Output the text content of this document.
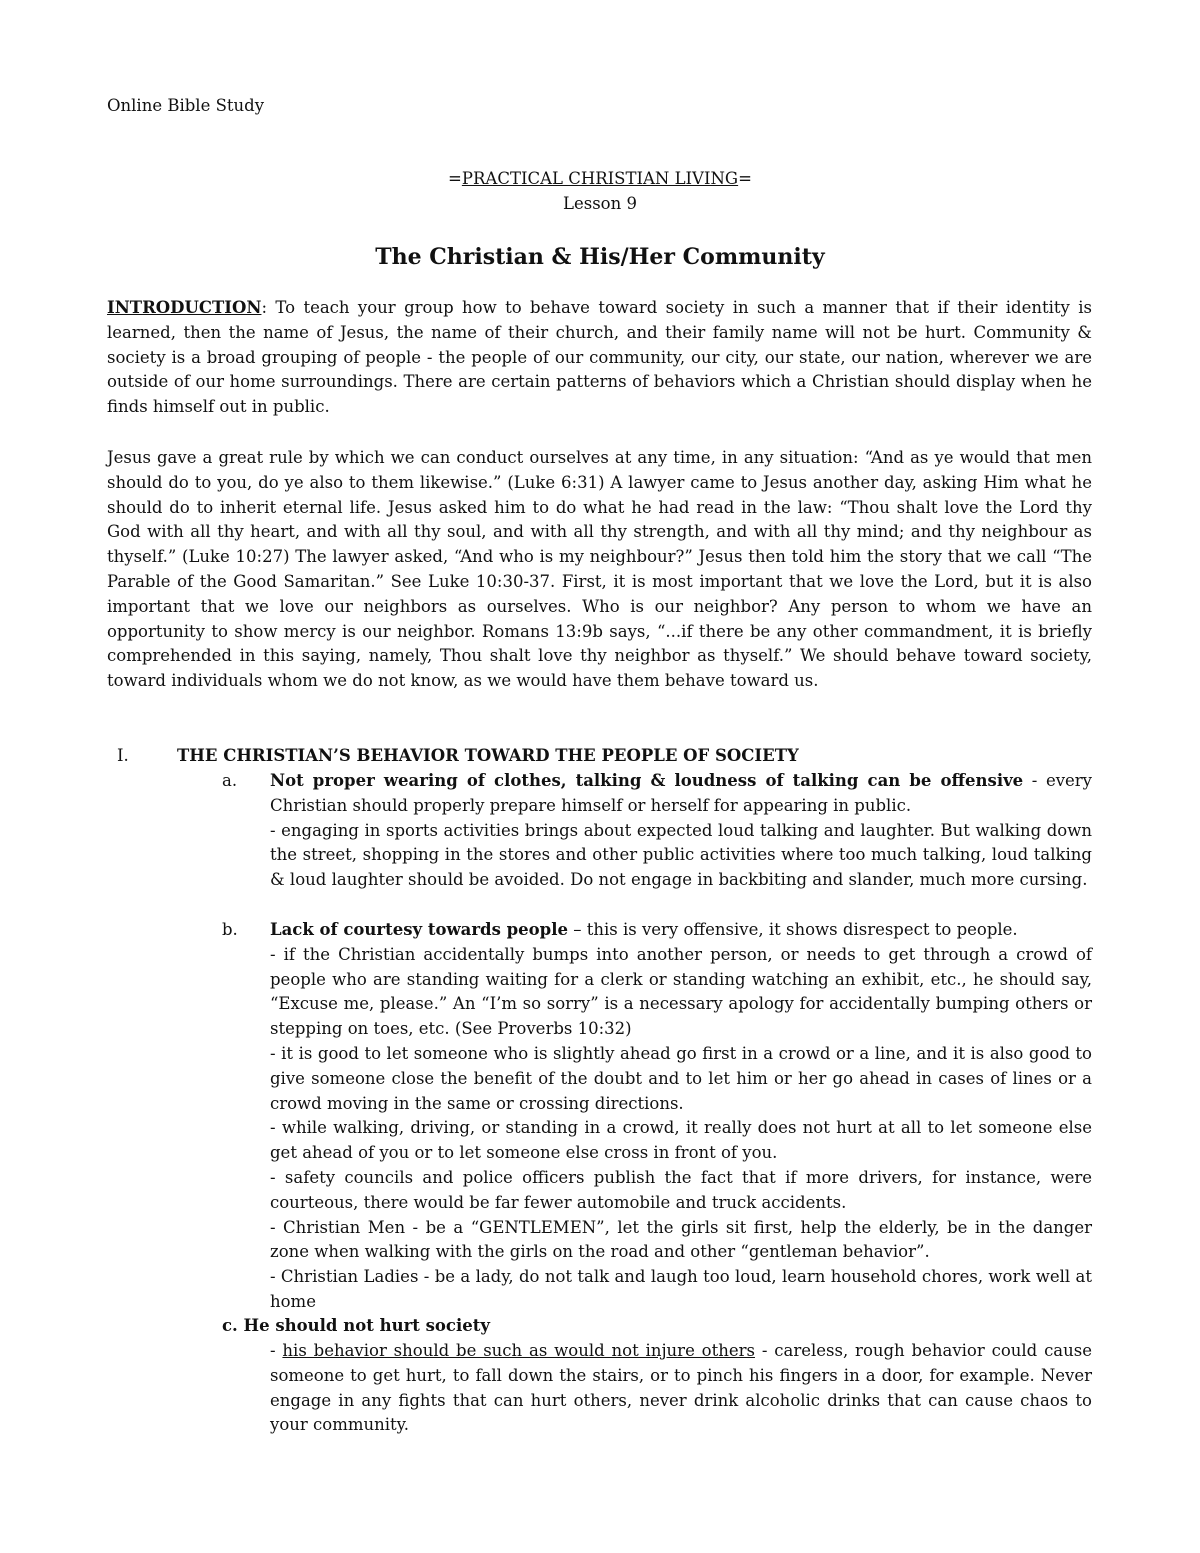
Online Bible Study
=PRACTICAL CHRISTIAN LIVING=
Lesson 9
The Christian & His/Her Community

INTRODUCTION: To teach your group how to behave toward society in such a manner that if their identity is learned, then the name of Jesus, the name of their church, and their family name will not be hurt. Community & society is a broad grouping of people - the people of our community, our city, our state, our nation, wherever we are outside of our home surroundings. There are certain patterns of behaviors which a Christian should display when he finds himself out in public.

Jesus gave a great rule by which we can conduct ourselves at any time, in any situation: “And as ye would that men should do to you, do ye also to them likewise.” (Luke 6:31) A lawyer came to Jesus another day, asking Him what he should do to inherit eternal life. Jesus asked him to do what he had read in the law: “Thou shalt love the Lord thy God with all thy heart, and with all thy soul, and with all thy strength, and with all thy mind; and thy neighbour as thyself.” (Luke 10:27) The lawyer asked, “And who is my neighbour?” Jesus then told him the story that we call “The Parable of the Good Samaritan.” See Luke 10:30-37. First, it is most important that we love the Lord, but it is also important that we love our neighbors as ourselves. Who is our neighbor? Any person to whom we have an opportunity to show mercy is our neighbor. Romans 13:9b says, “...if there be any other commandment, it is briefly comprehended in this saying, namely, Thou shalt love thy neighbor as thyself.” We should behave toward society, toward individuals whom we do not know, as we would have them behave toward us.

I.	THE CHRISTIAN’S BEHAVIOR TOWARD THE PEOPLE OF SOCIETY
a. Not proper wearing of clothes, talking & loudness of talking can be offensive - every Christian should properly prepare himself or herself for appearing in public.
- engaging in sports activities brings about expected loud talking and laughter. But walking down the street, shopping in the stores and other public activities where too much talking, loud talking & loud laughter should be avoided. Do not engage in backbiting and slander, much more cursing.
b. Lack of courtesy towards people – this is very offensive, it shows disrespect to people.
- if the Christian accidentally bumps into another person, or needs to get through a crowd of people who are standing waiting for a clerk or standing watching an exhibit, etc., he should say, “Excuse me, please.” An “I’m so sorry” is a necessary apology for accidentally bumping others or stepping on toes, etc. (See Proverbs 10:32)
- it is good to let someone who is slightly ahead go first in a crowd or a line, and it is also good to give someone close the benefit of the doubt and to let him or her go ahead in cases of lines or a crowd moving in the same or crossing directions.
- while walking, driving, or standing in a crowd, it really does not hurt at all to let someone else get ahead of you or to let someone else cross in front of you.
- safety councils and police officers publish the fact that if more drivers, for instance, were courteous, there would be far fewer automobile and truck accidents.
- Christian Men - be a “GENTLEMEN”, let the girls sit first, help the elderly, be in the danger zone when walking with the girls on the road and other “gentleman behavior”.
- Christian Ladies - be a lady, do not talk and laugh too loud, learn household chores, work well at home
c. He should not hurt society
- his behavior should be such as would not injure others - careless, rough behavior could cause someone to get hurt, to fall down the stairs, or to pinch his fingers in a door, for example. Never engage in any fights that can hurt others, never drink alcoholic drinks that can cause chaos to your community.
